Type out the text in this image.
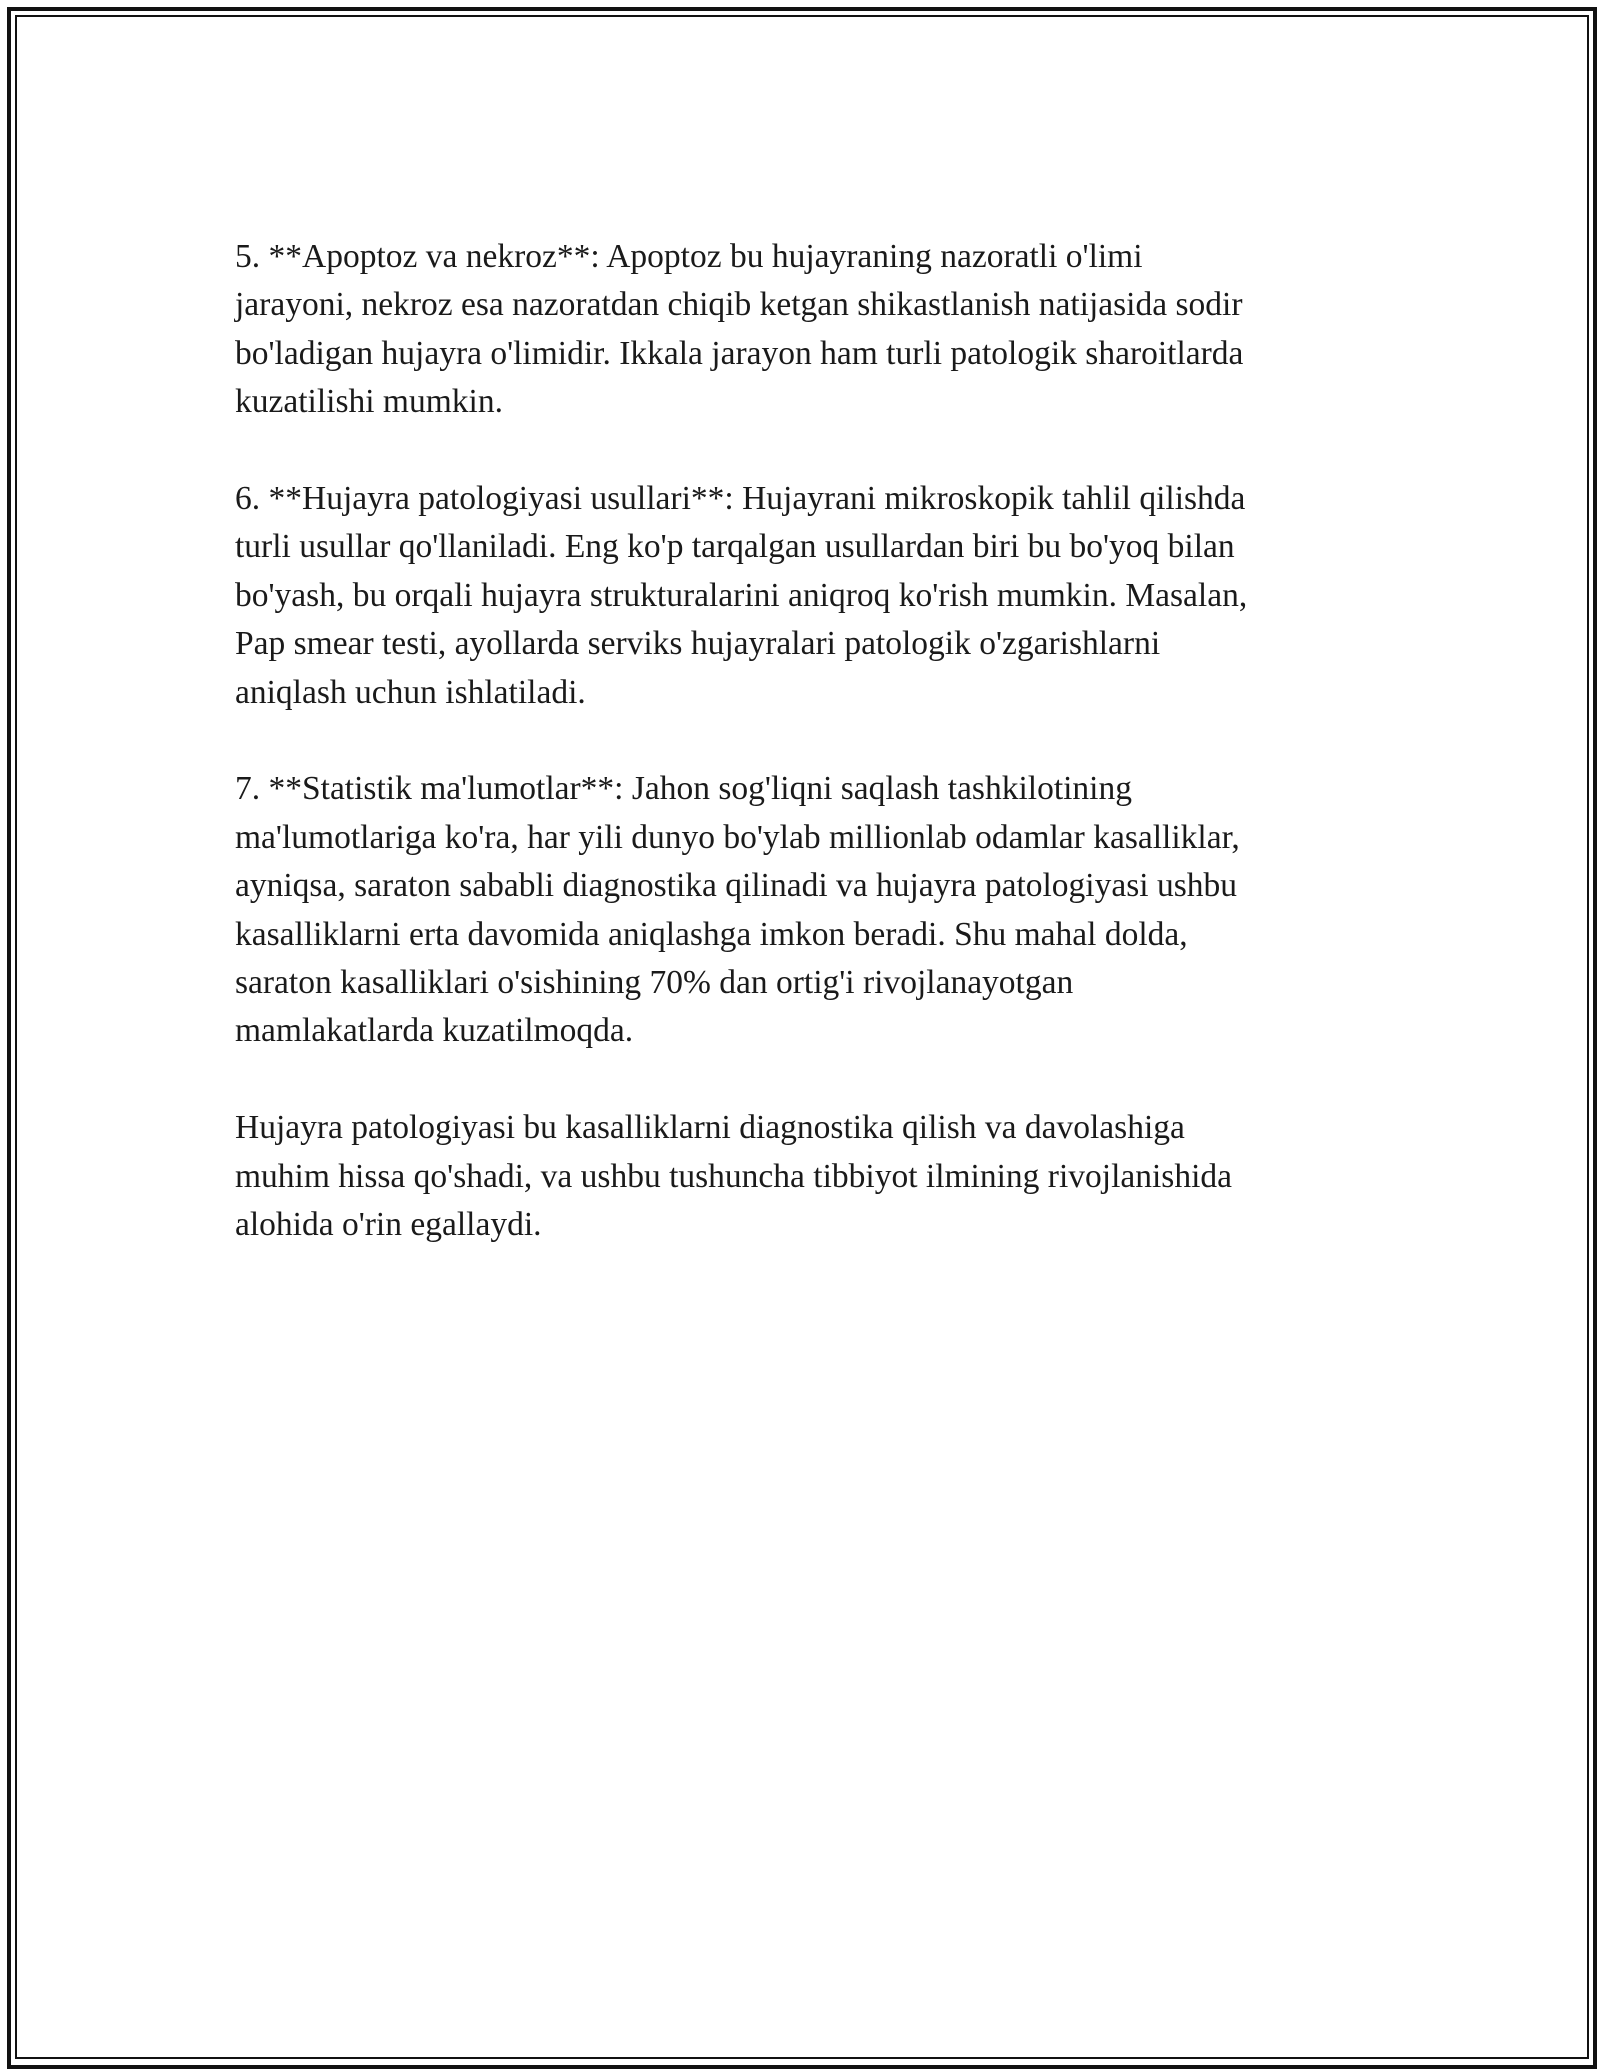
5. **Apoptoz va nekroz**: Apoptoz bu hujayraning nazoratli o'limi
jarayoni, nekroz esa nazoratdan chiqib ketgan shikastlanish natijasida sodir
bo'ladigan hujayra o'limidir. Ikkala jarayon ham turli patologik sharoitlarda
kuzatilishi mumkin.

6. **Hujayra patologiyasi usullari**: Hujayrani mikroskopik tahlil qilishda
turli usullar qo'llaniladi. Eng ko'p tarqalgan usullardan biri bu bo'yoq bilan
bo'yash, bu orqali hujayra strukturalarini aniqroq ko'rish mumkin. Masalan,
Pap smear testi, ayollarda serviks hujayralari patologik o'zgarishlarni
aniqlash uchun ishlatiladi.

7. **Statistik ma'lumotlar**: Jahon sog'liqni saqlash tashkilotining
ma'lumotlariga ko'ra, har yili dunyo bo'ylab millionlab odamlar kasalliklar,
ayniqsa, saraton sababli diagnostika qilinadi va hujayra patologiyasi ushbu
kasalliklarni erta davomida aniqlashga imkon beradi. Shu mahal dolda,
saraton kasalliklari o'sishining 70% dan ortig'i rivojlanayotgan
mamlakatlarda kuzatilmoqda.

Hujayra patologiyasi bu kasalliklarni diagnostika qilish va davolashiga
muhim hissa qo'shadi, va ushbu tushuncha tibbiyot ilmining rivojlanishida
alohida o'rin egallaydi.
